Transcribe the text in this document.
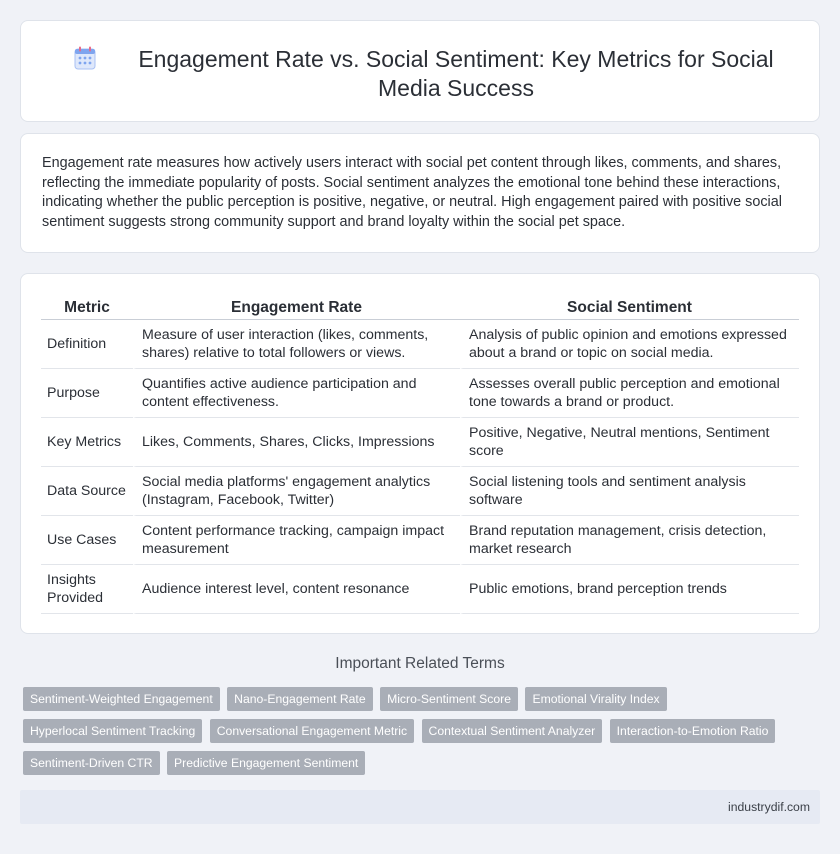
Engagement Rate vs. Social Sentiment: Key Metrics for Social Media Success

Engagement rate measures how actively users interact with social pet content through likes, comments, and shares, reflecting the immediate popularity of posts. Social sentiment analyzes the emotional tone behind these interactions, indicating whether the public perception is positive, negative, or neutral. High engagement paired with positive social sentiment suggests strong community support and brand loyalty within the social pet space.

Metric	Engagement Rate	Social Sentiment
Definition	Measure of user interaction (likes, comments, shares) relative to total followers or views.	Analysis of public opinion and emotions expressed about a brand or topic on social media.
Purpose	Quantifies active audience participation and content effectiveness.	Assesses overall public perception and emotional tone towards a brand or product.
Key Metrics	Likes, Comments, Shares, Clicks, Impressions	Positive, Negative, Neutral mentions, Sentiment score
Data Source	Social media platforms' engagement analytics (Instagram, Facebook, Twitter)	Social listening tools and sentiment analysis software
Use Cases	Content performance tracking, campaign impact measurement	Brand reputation management, crisis detection, market research
Insights Provided	Audience interest level, content resonance	Public emotions, brand perception trends
Important Related Terms
Sentiment-Weighted Engagement Nano-Engagement Rate Micro-Sentiment Score Emotional Virality Index Hyperlocal Sentiment Tracking Conversational Engagement Metric Contextual Sentiment Analyzer Interaction-to-Emotion Ratio Sentiment-Driven CTR Predictive Engagement Sentiment
industrydif.com
